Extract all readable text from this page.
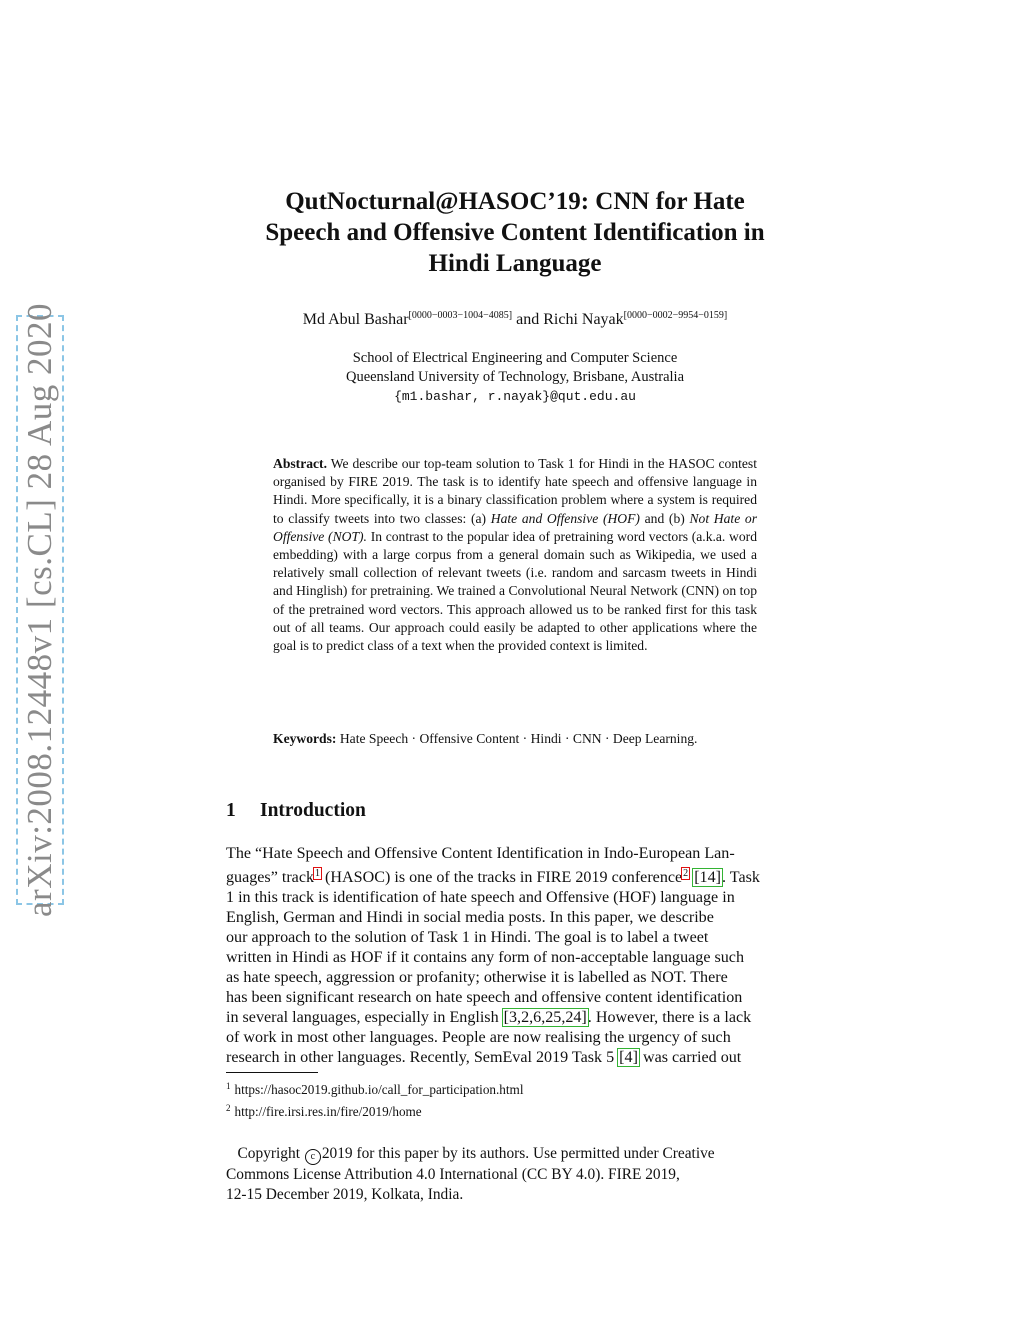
arXiv:2008.12448v1 [cs.CL] 28 Aug 2020
QutNocturnal@HASOC’19: CNN for Hate
Speech and Offensive Content Identification in
Hindi Language
Md Abul Bashar[0000−0003−1004−4085] and Richi Nayak[0000−0002−9954−0159]
School of Electrical Engineering and Computer Science
Queensland University of Technology, Brisbane, Australia
{m1.bashar, r.nayak}@qut.edu.au
Abstract. We describe our top-team solution to Task 1 for Hindi in the HASOC contest organised by FIRE 2019. The task is to identify hate speech and offensive language in Hindi. More specifically, it is a binary classification problem where a system is required to classify tweets into two classes: (a) Hate and Offensive (HOF) and (b) Not Hate or Offensive (NOT). In contrast to the popular idea of pretraining word vectors (a.k.a. word embedding) with a large corpus from a general domain such as Wikipedia, we used a relatively small collection of relevant tweets (i.e. random and sarcasm tweets in Hindi and Hinglish) for pretraining. We trained a Convolutional Neural Network (CNN) on top of the pretrained word vectors. This approach allowed us to be ranked first for this task out of all teams. Our approach could easily be adapted to other applications where the goal is to predict class of a text when the provided context is limited.
Keywords: Hate Speech · Offensive Content · Hindi · CNN · Deep Learning.
1 Introduction
The “Hate Speech and Offensive Content Identification in Indo-European Lan-
guages” track$^1$ (HASOC) is one of the tracks in FIRE 2019 conference$^2$ [14]. Task
1 in this track is identification of hate speech and Offensive (HOF) language in
English, German and Hindi in social media posts. In this paper, we describe
our approach to the solution of Task 1 in Hindi. The goal is to label a tweet
written in Hindi as HOF if it contains any form of non-acceptable language such
as hate speech, aggression or profanity; otherwise it is labelled as NOT. There
has been significant research on hate speech and offensive content identification
in several languages, especially in English [3,2,6,25,24]. However, there is a lack
of work in most other languages. People are now realising the urgency of such
research in other languages. Recently, SemEval 2019 Task 5 [4] was carried out
$^1$ https://hasoc2019.github.io/call_for_participation.html
$^2$ http://fire.irsi.res.in/fire/2019/home
Copyright c 2019 for this paper by its authors. Use permitted under Creative
Commons License Attribution 4.0 International (CC BY 4.0). FIRE 2019,
12-15 December 2019, Kolkata, India.
